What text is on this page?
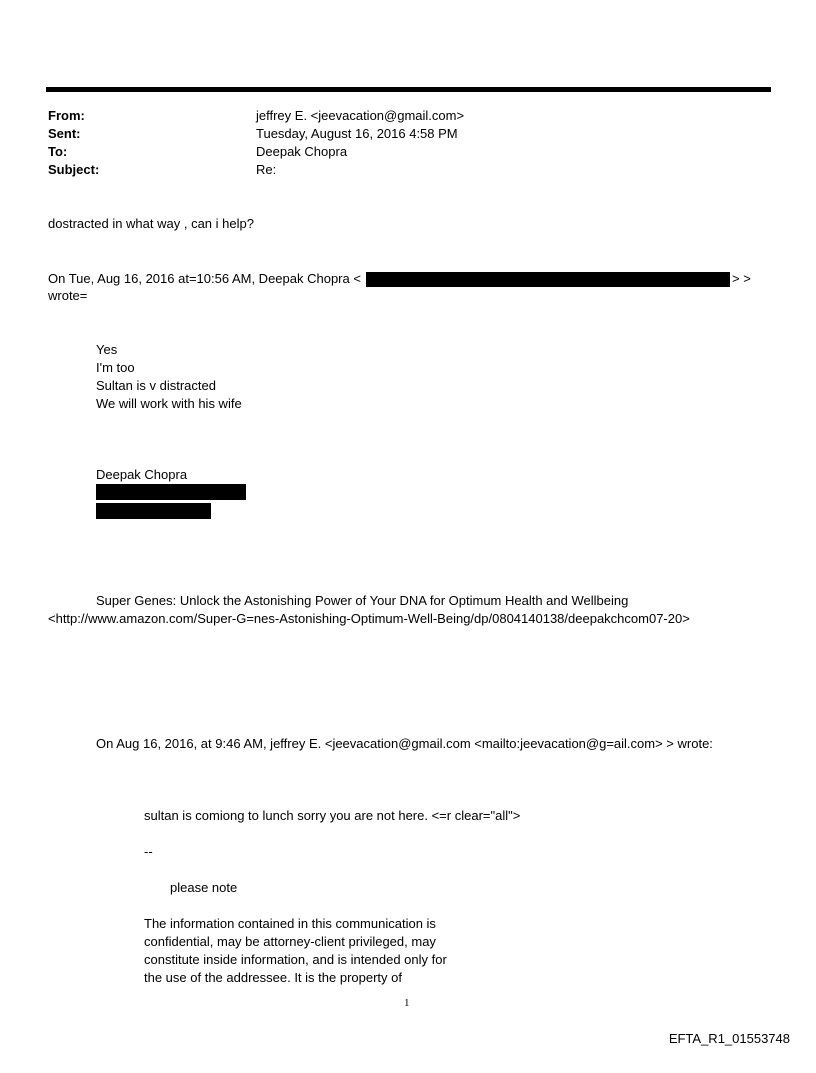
From:
Sent:
To:
Subject:
jeffrey E. <jeevacation@gmail.com>
Tuesday, August 16, 2016 4:58 PM
Deepak Chopra
Re:
dostracted in what way , can i help?
On Tue, Aug 16, 2016 at=10:56 AM, Deepak Chopra <	> >
wrote=
Yes
I'm too
Sultan is v distracted
We will work with his wife
Deepak Chopra
Super Genes: Unlock the Astonishing Power of Your DNA for Optimum Health and Wellbeing
<http://www.amazon.com/Super-G=nes-Astonishing-Optimum-Well-Being/dp/0804140138/deepakchcom07-20>
On Aug 16, 2016, at 9:46 AM, jeffrey E. <jeevacation@gmail.com <mailto:jeevacation@g=ail.com> > wrote:
sultan is comiong to lunch sorry you are not here. <=r clear="all">
--
please note
The information contained in this communication is
confidential, may be attorney-client privileged, may
constitute inside information, and is intended only for
the use of the addressee. It is the property of
1
EFTA_R1_01553748
